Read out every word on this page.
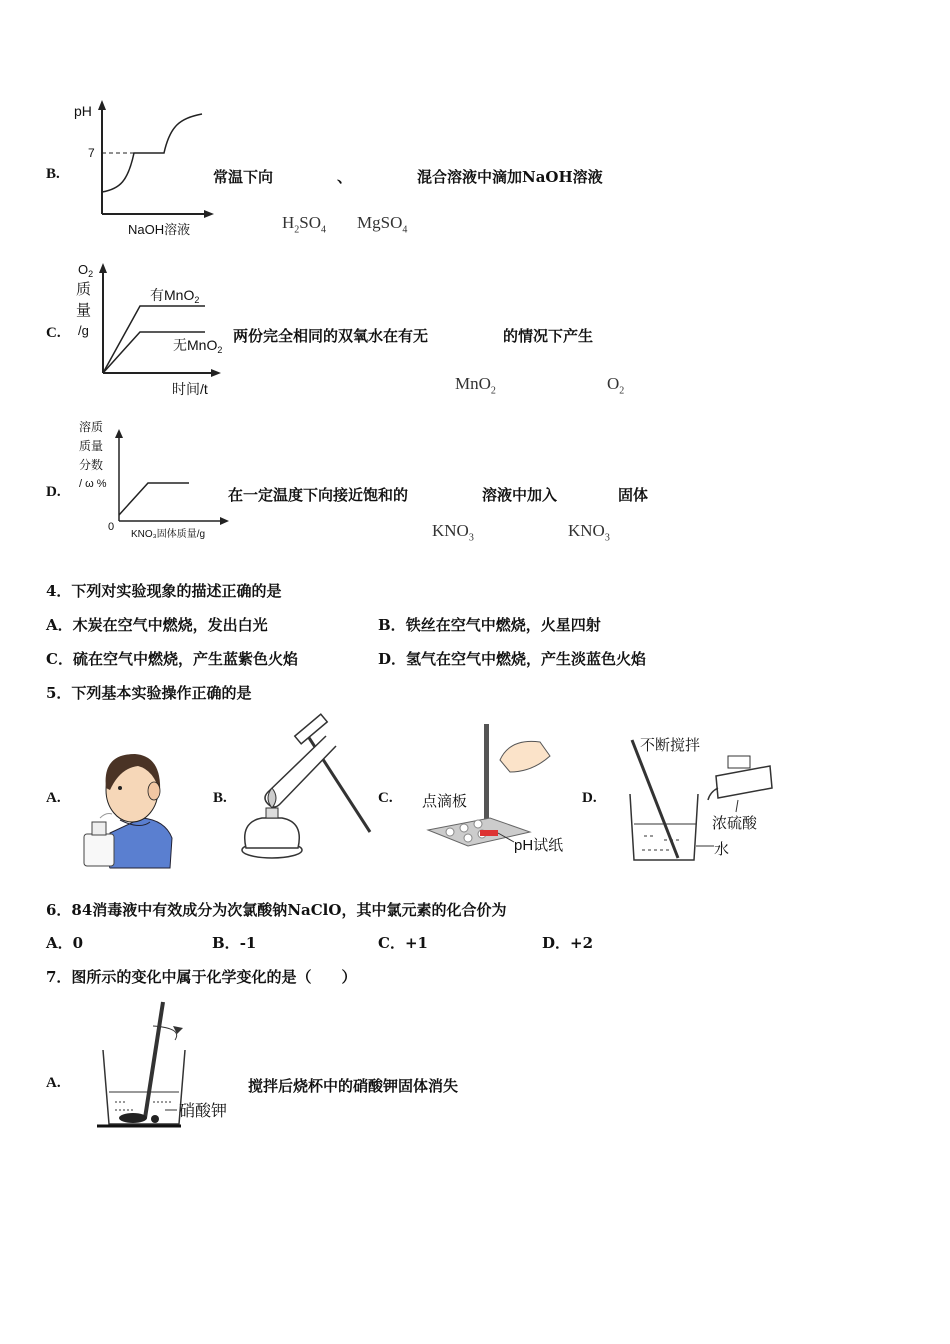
B.
pH
7
NaOH溶液
常温下向	、	混合溶液中滴加NaOH溶液
$H_2SO_4$ MgSO$_4$
C.
$O_2$
质
量
/g
有MnO$_2$
无MnO$_2$
时间/t
两份完全相同的双氧水在有无	的情况下产生
MnO$_2$	$O_2$
D.
溶质
质量
分数
/ ω %
0
KNO₃固体质量/g
在一定温度下向接近饱和的	溶液中加入	固体
$KNO_3$	$KNO_3$
4．下列对实验现象的描述正确的是
A．木炭在空气中燃烧，发出白光	B．铁丝在空气中燃烧，火星四射
C．硫在空气中燃烧，产生蓝紫色火焰	D．氢气在空气中燃烧，产生淡蓝色火焰
5．下列基本实验操作正确的是
A.	B.	C. 点滴板
pH试纸
D.
不断搅拌
浓硫酸
水
6．84消毒液中有效成分为次氯酸钠NaClO，其中氯元素的化合价为
A．0	B．-1	C．+1	D．+2
7．图所示的变化中属于化学变化的是（　　）
A.
硝酸钾
搅拌后烧杯中的硝酸钾固体消失
